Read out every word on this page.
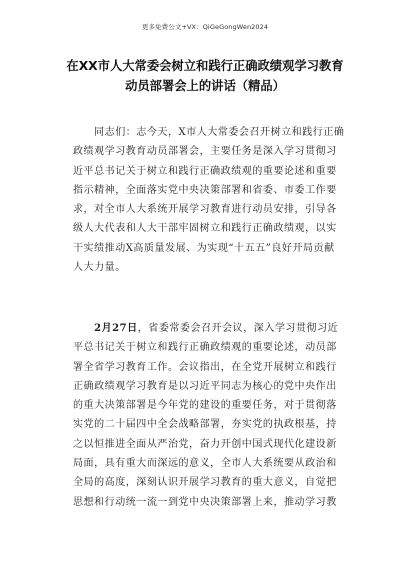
更多免费公文+VX：QiGeGongWen2024
在XX市人大常委会树立和践行正确政绩观学习教育
动员部署会上的讲话（精品）
　　同志们：志今天，X市人大常委会召开树立和践行正确
政绩观学习教育动员部署会，主要任务是深入学习贯彻习
近平总书记关于树立和践行正确政绩观的重要论述和重要
指示精神，全面落实党中央决策部署和省委、市委工作要
求，对全市人大系统开展学习教育进行动员安排，引导各
级人大代表和人大干部牢固树立和践行正确政绩观，以实
干实绩推动X高质量发展、为实现“十五五”良好开局贡献
人大力量。
　　2月27日，省委常委会召开会议，深入学习贯彻习近
平总书记关于树立和践行正确政绩观的重要论述，动员部
署全省学习教育工作。会议指出，在全党开展树立和践行
正确政绩观学习教育是以习近平同志为核心的党中央作出
的重大决策部署是今年党的建设的重要任务，对于贯彻落
实党的二十届四中全会战略部署，夯实党的执政根基，持
之以恒推进全面从严治党，奋力开创中国式现代化建设新
局面，具有重大而深远的意义，全市人大系统要从政治和
全局的高度，深刻认识开展学习教育的重大意义，自觉把
思想和行动统一流一到党中央决策部署上来，推动学习教
